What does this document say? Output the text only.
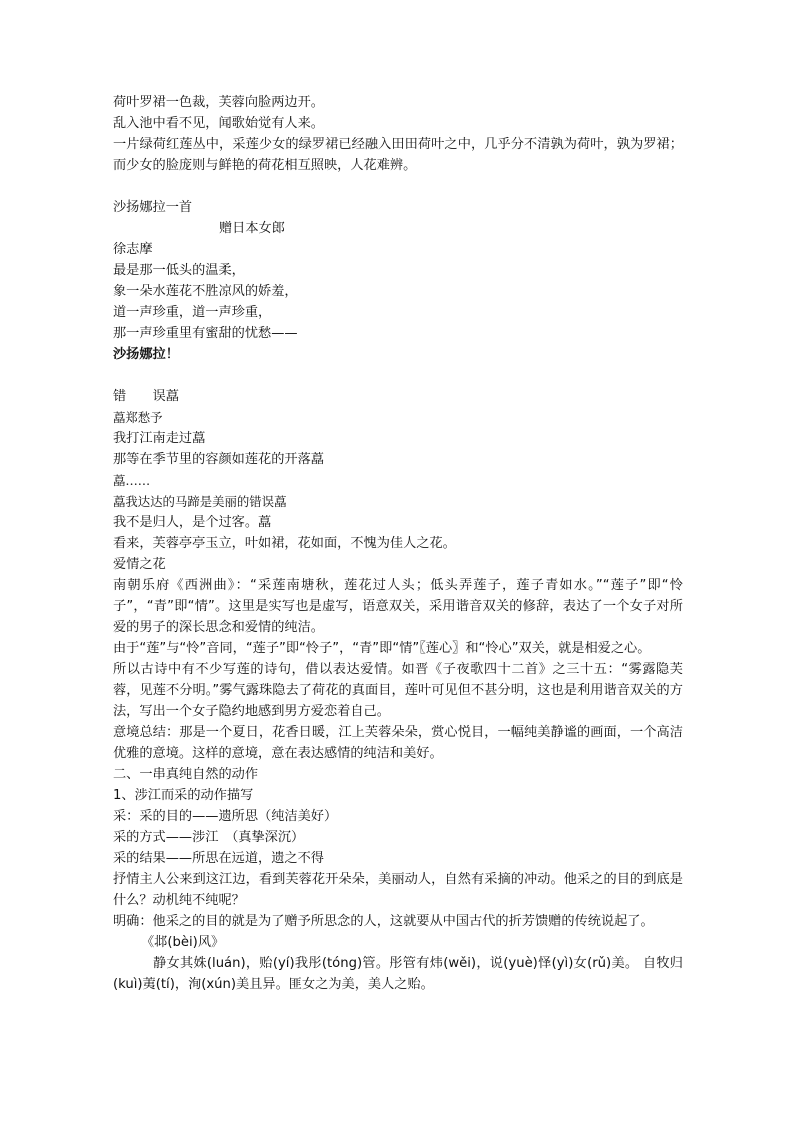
荷叶罗裙一色裁，芙蓉向脸两边开。

乱入池中看不见，闻歌始觉有人来。

一片绿荷红莲丛中，采莲少女的绿罗裙已经融入田田荷叶之中，几乎分不清孰为荷叶，孰为罗裙；而少女的脸庞则与鲜艳的荷花相互照映，人花难辨。

沙扬娜拉一首

赠日本女郎

徐志摩

最是那一低头的温柔，

象一朵水莲花不胜凉风的娇羞，

道一声珍重，道一声珍重，

那一声珍重里有蜜甜的忧愁——

沙扬娜拉！

错　　误藠

藠郑愁予

我打江南走过藠

那等在季节里的容颜如莲花的开落藠

藠……

藠我达达的马蹄是美丽的错误藠

我不是归人，是个过客。藠

看来，芙蓉亭亭玉立，叶如裙，花如面，不愧为佳人之花。

爱情之花

南朝乐府《西洲曲》：“采莲南塘秋，莲花过人头；低头弄莲子，莲子青如水。”“莲子”即“怜子”，“青”即“情”。这里是实写也是虚写，语意双关，采用谐音双关的修辞，表达了一个女子对所爱的男子的深长思念和爱情的纯洁。

由于“莲”与“怜”音同，“莲子”即“怜子”，“青”即“情”〖莲心〗和“怜心”双关，就是相爱之心。

所以古诗中有不少写莲的诗句，借以表达爱情。如晋《子夜歌四十二首》之三十五：“雾露隐芙蓉，见莲不分明。”雾气露珠隐去了荷花的真面目，莲叶可见但不甚分明，这也是利用谐音双关的方法，写出一个女子隐约地感到男方爱恋着自己。

意境总结：那是一个夏日，花香日暖，江上芙蓉朵朵，赏心悦目，一幅纯美静谧的画面，一个高洁优雅的意境。这样的意境，意在表达感情的纯洁和美好。

二、一串真纯自然的动作

1、涉江而采的动作描写

采：采的目的——遗所思（纯洁美好）

采的方式——涉江　（真挚深沉）

采的结果——所思在远道，遗之不得

抒情主人公来到这江边，看到芙蓉花开朵朵，美丽动人，自然有采摘的冲动。他采之的目的到底是什么？动机纯不纯呢？

明确：他采之的目的就是为了赠予所思念的人，这就要从中国古代的折芳馈赠的传统说起了。

《邶(bèi)风》

静女其姝(luán)，贻(yí)我彤(tóng)管。彤管有炜(wěi)，说(yuè)怿(yì)女(rǔ)美。 自牧归(kuì)荑(tí)，洵(xún)美且异。匪女之为美，美人之贻。
